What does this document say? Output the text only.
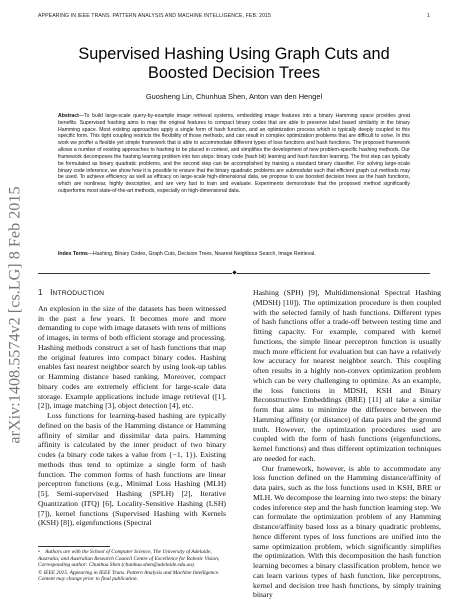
APPEARING IN IEEE TRANS. PATTERN ANALYSIS AND MACHINE INTELLIGENCE, FEB. 2015	1
arXiv:1408.5574v2 [cs.LG] 8 Feb 2015
Supervised Hashing Using Graph Cuts and
Boosted Decision Trees
Guosheng Lin, Chunhua Shen, Anton van den Hengel
Abstract—To build large-scale query-by-example image retrieval systems, embedding image features into a binary Hamming space provides great benefits. Supervised hashing aims to map the original features to compact binary codes that are able to preserve label based similarity in the binary Hamming space. Most existing approaches apply a single form of hash function, and an optimization process which is typically deeply coupled to this specific form. This tight coupling restricts the flexibility of those methods, and can result in complex optimization problems that are difficult to solve. In this work we proffer a flexible yet simple framework that is able to accommodate different types of loss functions and hash functions. The proposed framework allows a number of existing approaches to hashing to be placed in context, and simplifies the development of new problem-specific hashing methods. Our framework decomposes the hashing learning problem into two steps: binary code (hash bit) learning and hash function learning. The first step can typically be formulated as binary quadratic problems, and the second step can be accomplished by training a standard binary classifier. For solving large-scale binary code inference, we show how it is possible to ensure that the binary quadratic problems are submodular such that efficient graph cut methods may be used. To achieve efficiency as well as efficacy on large-scale high-dimensional data, we propose to use boosted decision trees as the hash functions, which are nonlinear, highly descriptive, and are very fast to train and evaluate. Experiments demonstrate that the proposed method significantly outperforms most state-of-the-art methods, especially on high-dimensional data.
Index Terms—Hashing, Binary Codes, Graph Cuts, Decision Trees, Nearest Neighbour Search, Image Retrieval.
1 INTRODUCTION

An explosion in the size of the datasets has been witnessed in the past a few years. It becomes more and more demanding to cope with image datasets with tens of millions of images, in terms of both efficient storage and processing. Hashing methods construct a set of hash functions that map the original features into compact binary codes. Hashing enables fast nearest neighbor search by using look-up tables or Hamming distance based ranking. Moreover, compact binary codes are extremely efficient for large-scale data storage. Example applications include image retrieval ([1], [2]), image matching [3], object detection [4], etc.

Loss functions for learning-based hashing are typically defined on the basis of the Hamming distance or Hamming affinity of similar and dissimilar data pairs. Hamming affinity is calculated by the inner product of two binary codes (a binary code takes a value from {−1, 1}). Existing methods thus tend to optimize a single form of hash function. The common forms of hash functions are linear perceptron functions (e.g., Minimal Loss Hashing (MLH) [5], Semi-supervised Hashing (SPLH) [2], Iterative Quantization (ITQ) [6], Locality-Sensitive Hashing (LSH) [7]), kernel functions (Supervised Hashing with Kernels (KSH) [8]), eigenfunctions (Spectral

Hashing (SPH) [9], Multidimensional Spectral Hashing (MDSH) [10]). The optimization procedure is then coupled with the selected family of hash functions. Different types of hash functions offer a trade-off between testing time and fitting capacity. For example, compared with kernel functions, the simple linear perceptron function is usually much more efficient for evaluation but can have a relatively low accuracy for nearest neighbor search. This coupling often results in a highly non-convex optimization problem which can be very challenging to optimize. As an example, the loss functions in MDSH, KSH and Binary Reconstructive Embeddings (BRE) [11] all take a similar form that aims to minimize the difference between the Hamming affinity (or distance) of data pairs and the ground truth. However, the optimization procedures used are coupled with the form of hash functions (eigenfunctions, kernel functions) and thus different optimization techniques are needed for each.

Our framework, however, is able to accommodate any loss function defined on the Hamming distance/affinity of data pairs, such as the loss functions used in KSH, BRE or MLH. We decompose the learning into two steps: the binary codes inference step and the hash function learning step. We can formulate the optimization problem of any Hamming distance/affinity based loss as a binary quadratic problems, hence different types of loss functions are unified into the same optimization problem, which significantly simplifies the optimization. With this decomposition the hash function learning becomes a binary classification problem, hence we can learn various types of hash function, like perceptrons, kernel and decision tree hash functions, by simply training binary

• Authors are with the School of Computer Science, The University of Adelaide, Australia; and Australian Research Council Centre of Excellence for Robotic Vision;

Corresponding author: Chunhua Shen (chunhua.shen@adelaide.edu.au).

© IEEE 2015. Appearing in IEEE Trans. Pattern Analysis and Machine Intelligence. Content may change prior to final publication.
